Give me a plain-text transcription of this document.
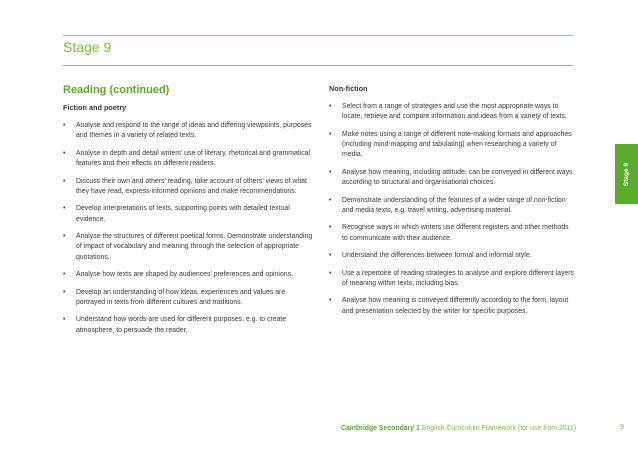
Stage 9
Reading (continued)
Fiction and poetry
• Analyse and respond to the range of ideas and differing viewpoints, purposes and themes in a variety of related texts.
• Analyse in depth and detail writers' use of literary, rhetorical and grammatical features and their effects on different readers.
• Discuss their own and others' reading, take account of others' views of what they have read, express informed opinions and make recommendations.
• Develop interpretations of texts, supporting points with detailed textual evidence.
• Analyse the structures of different poetical forms. Demonstrate understanding of impact of vocabulary and meaning through the selection of appropriate quotations.
• Analyse how texts are shaped by audiences' preferences and opinions.
• Develop an understanding of how ideas, experiences and values are portrayed in texts from different cultures and traditions.
• Understand how words are used for different purposes, e.g. to create atmosphere, to persuade the reader.
Non-fiction
• Select from a range of strategies and use the most appropriate ways to locate, retrieve and compare information and ideas from a variety of texts.
• Make notes using a range of different note-making formats and approaches (including mind-mapping and tabulating) when researching a variety of media.
• Analyse how meaning, including attitude, can be conveyed in different ways according to structural and organisational choices.
• Demonstrate understanding of the features of a wider range of non-fiction and media texts, e.g. travel writing, advertising material.
• Recognise ways in which writers use different registers and other methods to communicate with their audience.
• Understand the differences between formal and informal style.
• Use a repertoire of reading strategies to analyse and explore different layers of meaning within texts, including bias.
• Analyse how meaning is conveyed differently according to the form, layout and presentation selected by the writer for specific purposes.
Stage 9
Cambridge Secondary 1 English Curriculum Framework (for use from 2011)	9
